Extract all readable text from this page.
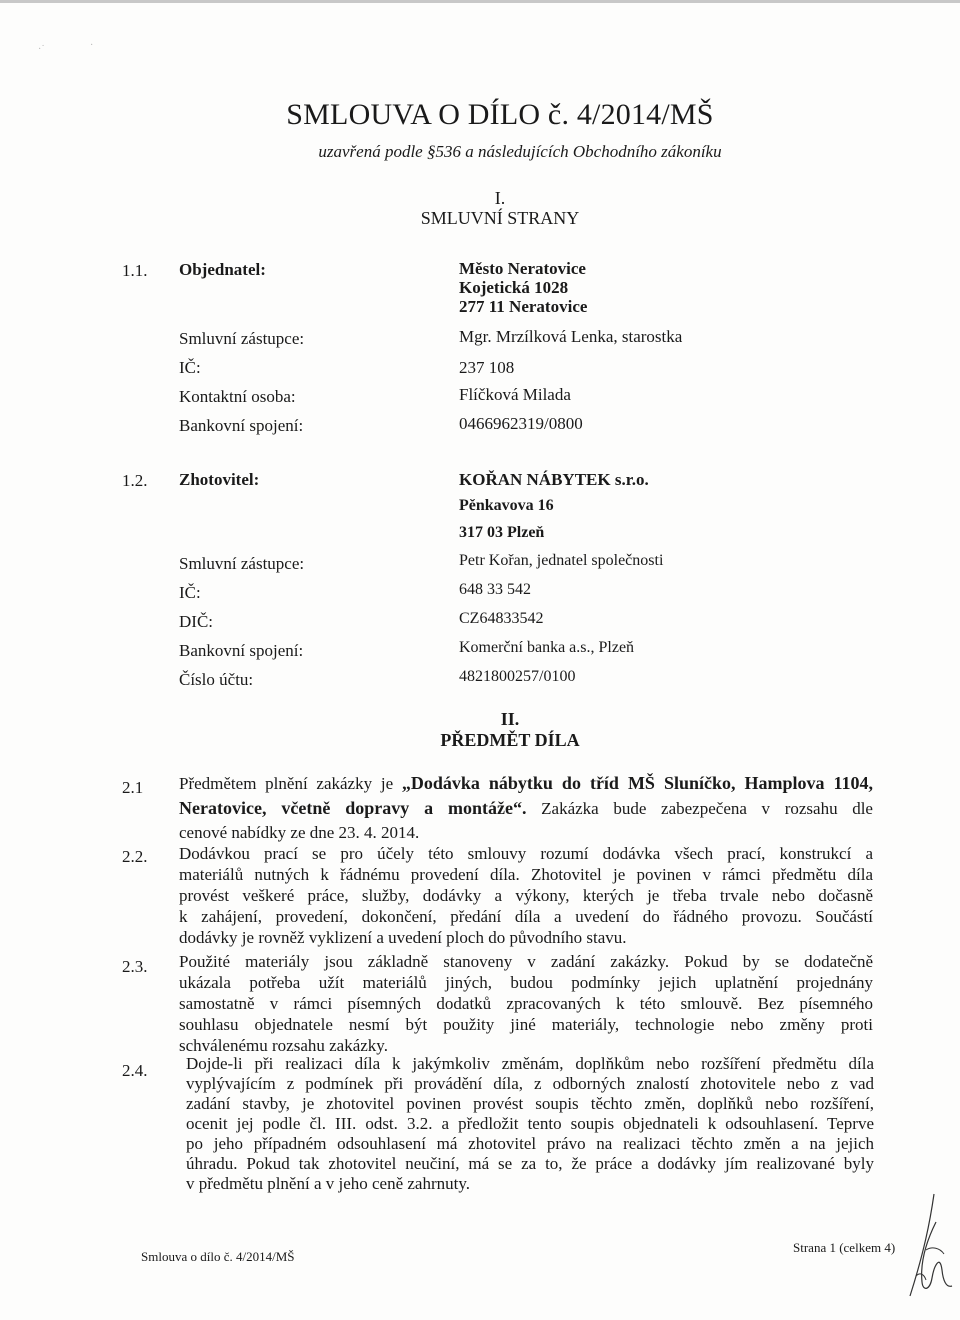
·˙	·
SMLOUVA O DÍLO č. 4/2014/MŠ
uzavřená podle §536 a následujících Obchodního zákoníku
I.
SMLUVNÍ STRANY
1.1. Objednatel:	Město Neratovice
Kojetická 1028
277 11 Neratovice
Smluvní zástupce:	Mgr. Mrzílková Lenka, starostka
IČ:	237 108
Kontaktní osoba:	Flíčková Milada
Bankovní spojení:	0466962319/0800
1.2. Zhotovitel:	KOŘAN NÁBYTEK s.r.o.
Pěnkavova 16
317 03 Plzeň
Smluvní zástupce:	Petr Kořan, jednatel společnosti
IČ:	648 33 542
DIČ:	CZ64833542
Bankovní spojení:	Komerční banka a.s., Plzeň
Číslo účtu:	4821800257/0100
II.
PŘEDMĚT DÍLA
2.1 Předmětem plnění zakázky je „Dodávka nábytku do tříd MŠ Sluníčko, Hamplova 1104,
Neratovice, včetně dopravy a montáže“. Zakázka bude zabezpečena v rozsahu dle
cenové nabídky ze dne 23. 4. 2014.
2.2. Dodávkou prací se pro účely této smlouvy rozumí dodávka všech prací, konstrukcí a
materiálů nutných k řádnému provedení díla. Zhotovitel je povinen v rámci předmětu díla
provést veškeré práce, služby, dodávky a výkony, kterých je třeba trvale nebo dočasně
k zahájení, provedení, dokončení, předání díla a uvedení do řádného provozu. Součástí
dodávky je rovněž vyklizení a uvedení ploch do původního stavu.
2.3. Použité materiály jsou základně stanoveny v zadání zakázky. Pokud by se dodatečně
ukázala potřeba užít materiálů jiných, budou podmínky jejich uplatnění projednány
samostatně v rámci písemných dodatků zpracovaných k této smlouvě. Bez písemného
souhlasu objednatele nesmí být použity jiné materiály, technologie nebo změny proti
schválenému rozsahu zakázky.
2.4. Dojde-li při realizaci díla k jakýmkoliv změnám, doplňkům nebo rozšíření předmětu díla
vyplývajícím z podmínek při provádění díla, z odborných znalostí zhotovitele nebo z vad
zadání stavby, je zhotovitel povinen provést soupis těchto změn, doplňků nebo rozšíření,
ocenit jej podle čl. III. odst. 3.2. a předložit tento soupis objednateli k odsouhlasení. Teprve
po jeho případném odsouhlasení má zhotovitel právo na realizaci těchto změn a na jejich
úhradu. Pokud tak zhotovitel neučiní, má se za to, že práce a dodávky jím realizované byly
v předmětu plnění a v jeho ceně zahrnuty.
Smlouva o dílo č. 4/2014/MŠ
Strana 1 (celkem 4)
